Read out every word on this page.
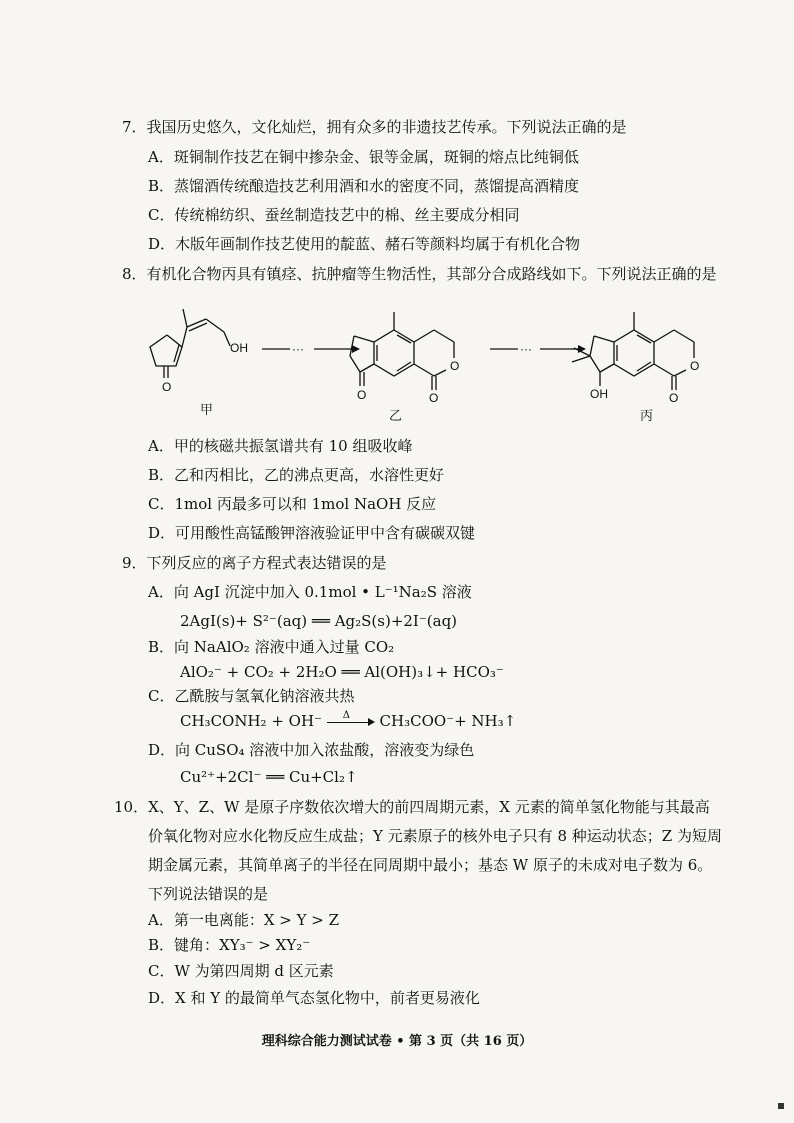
7．我国历史悠久，文化灿烂，拥有众多的非遗技艺传承。下列说法正确的是
A．斑铜制作技艺在铜中掺杂金、银等金属，斑铜的熔点比纯铜低
B．蒸馏酒传统酿造技艺利用酒和水的密度不同，蒸馏提高酒精度
C．传统棉纺织、蚕丝制造技艺中的棉、丝主要成分相同
D．木版年画制作技艺使用的靛蓝、赭石等颜料均属于有机化合物
8．有机化合物丙具有镇痉、抗肿瘤等生物活性，其部分合成路线如下。下列说法正确的是
OH
O
···
O
O
O
···
OH
O
O
甲	乙	丙
A．甲的核磁共振氢谱共有 10 组吸收峰
B．乙和丙相比，乙的沸点更高，水溶性更好
C．1mol 丙最多可以和 1mol NaOH 反应
D．可用酸性高锰酸钾溶液验证甲中含有碳碳双键
9．下列反应的离子方程式表达错误的是
A．向 AgI 沉淀中加入 0.1mol • L⁻¹Na₂S 溶液
2AgI(s)+ S²⁻(aq) ══ Ag₂S(s)+2I⁻(aq)
B．向 NaAlO₂ 溶液中通入过量 CO₂
AlO₂⁻ + CO₂ + 2H₂O ══ Al(OH)₃↓+ HCO₃⁻
C．乙酰胺与氢氧化钠溶液共热
CH₃CONH₂ + OH⁻ Δ CH₃COO⁻+ NH₃↑
D．向 CuSO₄ 溶液中加入浓盐酸，溶液变为绿色
Cu²⁺+2Cl⁻ ══ Cu+Cl₂↑
10．X、Y、Z、W 是原子序数依次增大的前四周期元素，X 元素的简单氢化物能与其最高
价氧化物对应水化物反应生成盐；Y 元素原子的核外电子只有 8 种运动状态；Z 为短周
期金属元素，其简单离子的半径在同周期中最小；基态 W 原子的未成对电子数为 6。
下列说法错误的是
A．第一电离能：X > Y > Z
B．键角：XY₃⁻ > XY₂⁻
C．W 为第四周期 d 区元素
D．X 和 Y 的最简单气态氢化物中，前者更易液化
理科综合能力测试试卷 • 第 3 页（共 16 页）
